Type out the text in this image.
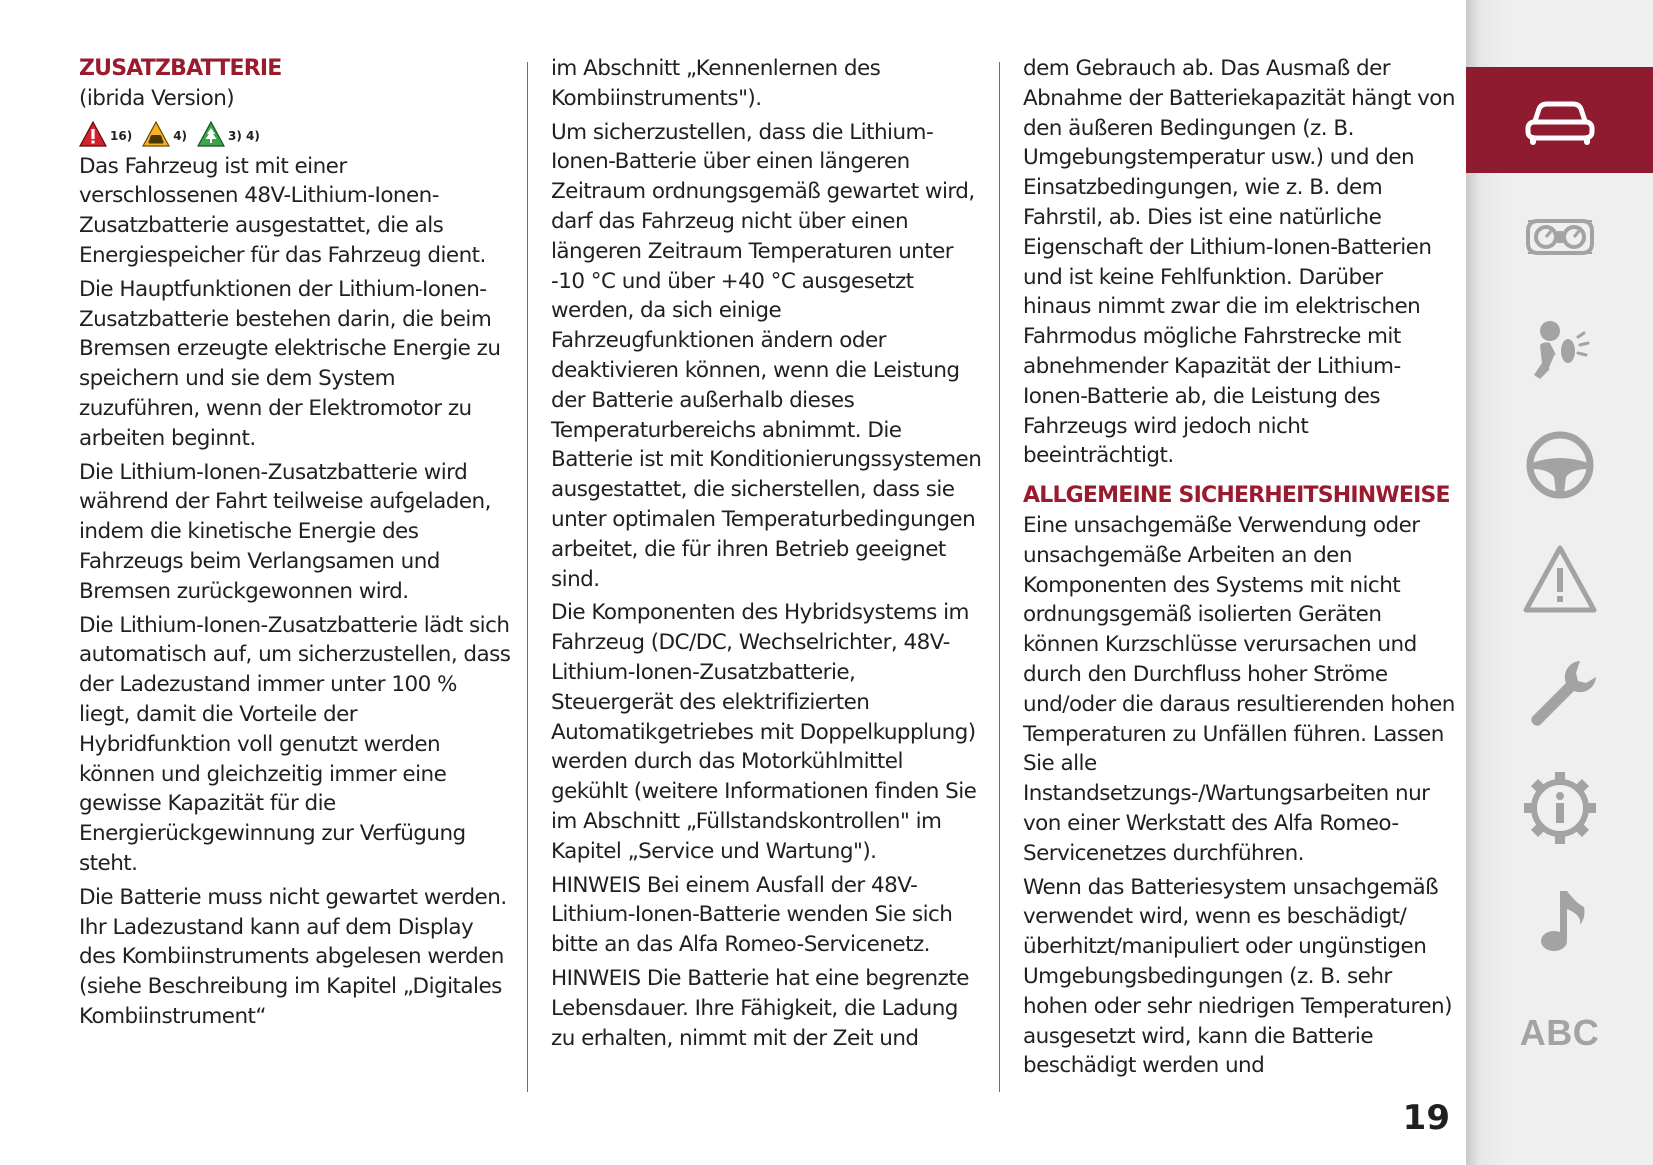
ZUSATZBATTERIE

(ibrida Version)

16)	4)	3) 4)

Das Fahrzeug ist mit einer verschlossenen 48V-Lithium-Ionen-Zusatzbatterie ausgestattet, die als Energiespeicher für das Fahrzeug dient.

Die Hauptfunktionen der Lithium-Ionen-Zusatzbatterie bestehen darin, die beim Bremsen erzeugte elektrische Energie zu speichern und sie dem System zuzuführen, wenn der Elektromotor zu arbeiten beginnt.

Die Lithium-Ionen-Zusatzbatterie wird während der Fahrt teilweise aufgeladen, indem die kinetische Energie des Fahrzeugs beim Verlangsamen und Bremsen zurückgewonnen wird.

Die Lithium-Ionen-Zusatzbatterie lädt sich automatisch auf, um sicherzustellen, dass der Ladezustand immer unter 100 % liegt, damit die Vorteile der Hybridfunktion voll genutzt werden können und gleichzeitig immer eine gewisse Kapazität für die Energierückgewinnung zur Verfügung steht.

Die Batterie muss nicht gewartet werden. Ihr Ladezustand kann auf dem Display des Kombiinstruments abgelesen werden (siehe Beschreibung im Kapitel „Digitales Kombiinstrument“

im Abschnitt „Kennenlernen des Kombiinstruments").

Um sicherzustellen, dass die Lithium-Ionen-Batterie über einen längeren Zeitraum ordnungsgemäß gewartet wird, darf das Fahrzeug nicht über einen längeren Zeitraum Temperaturen unter -10 °C und über +40 °C ausgesetzt werden, da sich einige Fahrzeugfunktionen ändern oder deaktivieren können, wenn die Leistung der Batterie außerhalb dieses Temperaturbereichs abnimmt. Die Batterie ist mit Konditionierungssystemen ausgestattet, die sicherstellen, dass sie unter optimalen Temperaturbedingungen arbeitet, die für ihren Betrieb geeignet sind.

Die Komponenten des Hybridsystems im Fahrzeug (DC/DC, Wechselrichter, 48V-Lithium-Ionen-Zusatzbatterie, Steuergerät des elektrifizierten Automatikgetriebes mit Doppelkupplung) werden durch das Motorkühlmittel gekühlt (weitere Informationen finden Sie im Abschnitt „Füllstandskontrollen" im Kapitel „Service und Wartung").

HINWEIS Bei einem Ausfall der 48V-Lithium-Ionen-Batterie wenden Sie sich bitte an das Alfa Romeo-Servicenetz.

HINWEIS Die Batterie hat eine begrenzte Lebensdauer. Ihre Fähigkeit, die Ladung zu erhalten, nimmt mit der Zeit und

dem Gebrauch ab. Das Ausmaß der Abnahme der Batteriekapazität hängt von den äußeren Bedingungen (z. B. Umgebungstemperatur usw.) und den Einsatzbedingungen, wie z. B. dem Fahrstil, ab. Dies ist eine natürliche Eigenschaft der Lithium-Ionen-Batterien und ist keine Fehlfunktion. Darüber hinaus nimmt zwar die im elektrischen Fahrmodus mögliche Fahrstrecke mit abnehmender Kapazität der Lithium-Ionen-Batterie ab, die Leistung des Fahrzeugs wird jedoch nicht beeinträchtigt.

ALLGEMEINE SICHERHEITSHINWEISE

Eine unsachgemäße Verwendung oder unsachgemäße Arbeiten an den Komponenten des Systems mit nicht ordnungsgemäß isolierten Geräten können Kurzschlüsse verursachen und durch den Durchfluss hoher Ströme und/oder die daraus resultierenden hohen Temperaturen zu Unfällen führen. Lassen Sie alle Instandsetzungs-/Wartungsarbeiten nur von einer Werkstatt des Alfa Romeo-Servicenetzes durchführen.

Wenn das Batteriesystem unsachgemäß verwendet wird, wenn es beschädigt/überhitzt/manipuliert oder ungünstigen Umgebungsbedingungen (z. B. sehr hohen oder sehr niedrigen Temperaturen) ausgesetzt wird, kann die Batterie beschädigt werden und

19
ABC
